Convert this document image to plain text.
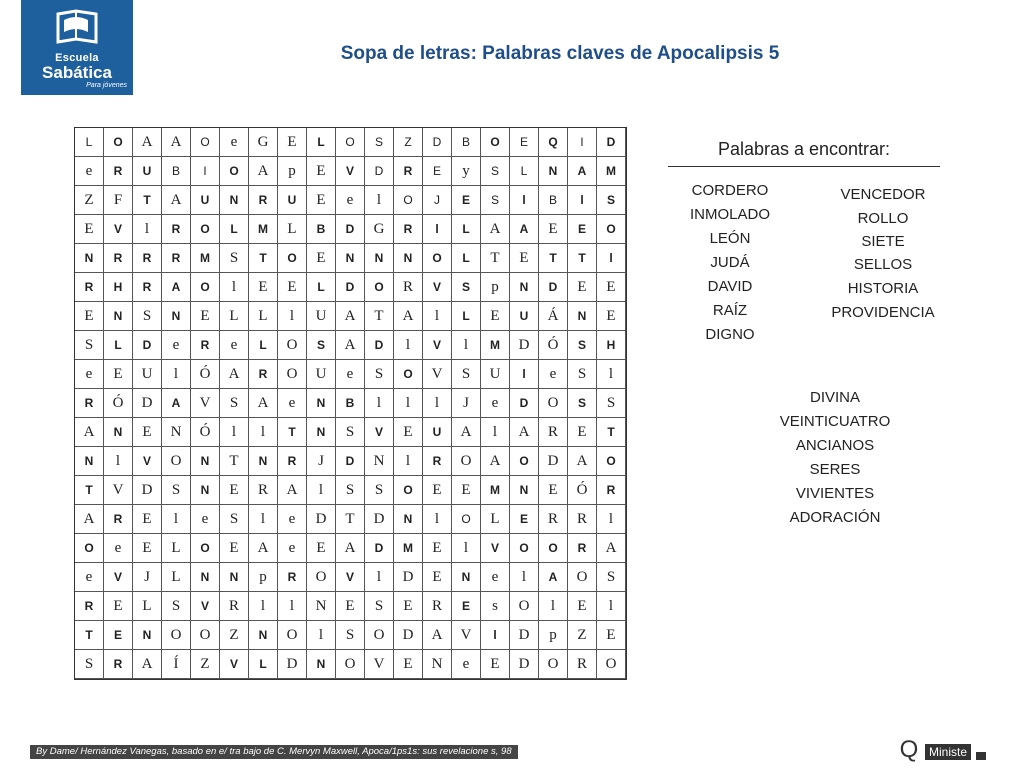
Escuela
Sabática
Para jóvenes
Sopa de letras: Palabras claves de Apocalipsis 5
L	O	A	A	O	e	G	E	L	O	S	Z	D	B	O	E	Q	l	D
e	R	U	B	l	O	A	p	E	V	D	R	E	y	S	L	N	A	M
Z	F	T	A	U	N	R	U	E	e	l	O	J	E	S	l	B	l	S
E	V	l	R	O	L	M	L	B	D	G	R	l	L	A	A	E	E	O
N	R	R	R	M	S	T	O	E	N	N	N	O	L	T	E	T	T	l
R	H	R	A	O	l	E	E	L	D	O	R	V	S	p	N	D	E	E
E	N	S	N	E	L	L	l	U	A	T	A	l	L	E	U	Á	N	E
S	L	D	e	R	e	L	O	S	A	D	l	V	l	M	D	Ó	S	H
e	E	U	l	Ó	A	R	O	U	e	S	O	V	S	U	l	e	S	l
R	Ó	D	A	V	S	A	e	N	B	l	l	l	J	e	D	O	S	S
A	N	E	N	Ó	l	l	T	N	S	V	E	U	A	l	A	R	E	T
N	l	V	O	N	T	N	R	J	D	N	l	R	O	A	O	D	A	O
T	V	D	S	N	E	R	A	l	S	S	O	E	E	M	N	E	Ó	R
A	R	E	l	e	S	l	e	D	T	D	N	l	O	L	E	R	R	l
O	e	E	L	O	E	A	e	E	A	D	M	E	l	V	O	O	R	A
e	V	J	L	N	N	p	R	O	V	l	D	E	N	e	l	A	O	S
R	E	L	S	V	R	l	l	N	E	S	E	R	E	s	O	l	E	l
T	E	N	O	O	Z	N	O	l	S	O	D	A	V	l	D	p	Z	E
S	R	A	Í	Z	V	L	D	N	O	V	E	N	e	E	D	O	R	O
Palabras a encontrar:
CORDERO
INMOLADO
LEÓN
JUDÁ
DAVID
RAÍZ
DIGNO
VENCEDOR
ROLLO
SIETE
SELLOS
HISTORIA
PROVIDENCIA
DIVINA
VEINTICUATRO
ANCIANOS
SERES
VIVIENTES
ADORACIÓN
By Dame/ Hernández Vanegas, basado en e/ tra bajo de C. Mervyn Maxwell, Apoca/1ps1s: sus revelacione s, 98	Q Ministe
